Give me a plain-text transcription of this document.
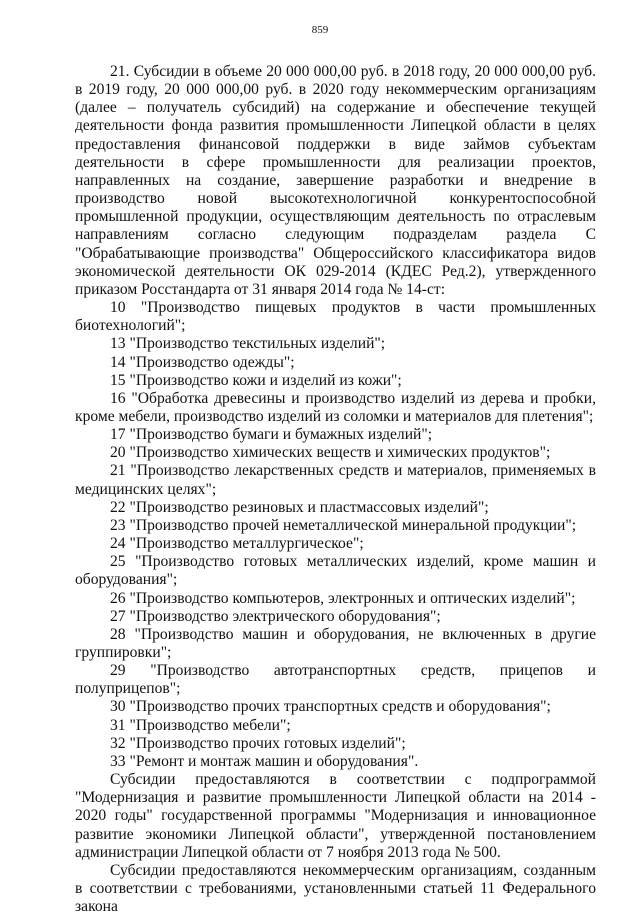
859

21. Субсидии в объеме 20 000 000,00 руб. в 2018 году, 20 000 000,00 руб. в 2019 году, 20 000 000,00 руб. в 2020 году некоммерческим организациям (далее – получатель субсидий) на содержание и обеспечение текущей деятельности фонда развития промышленности Липецкой области в целях предоставления финансовой поддержки в виде займов субъектам деятельности в сфере промышленности для реализации проектов, направленных на создание, завершение разработки и внедрение в производство новой высокотехнологичной конкурентоспособной промышленной продукции, осуществляющим деятельность по отраслевым направлениям согласно следующим подразделам раздела С "Обрабатывающие производства" Общероссийского классификатора видов экономической деятельности ОК 029-2014 (КДЕС Ред.2), утвержденного приказом Росстандарта от 31 января 2014 года № 14-ст:

10 "Производство пищевых продуктов в части промышленных биотехнологий";

13 "Производство текстильных изделий";

14 "Производство одежды";

15 "Производство кожи и изделий из кожи";

16 "Обработка древесины и производство изделий из дерева и пробки, кроме мебели, производство изделий из соломки и материалов для плетения";

17 "Производство бумаги и бумажных изделий";

20 "Производство химических веществ и химических продуктов";

21 "Производство лекарственных средств и материалов, применяемых в медицинских целях";

22 "Производство резиновых и пластмассовых изделий";

23 "Производство прочей неметаллической минеральной продукции";

24 "Производство металлургическое";

25 "Производство готовых металлических изделий, кроме машин и оборудования";

26 "Производство компьютеров, электронных и оптических изделий";

27 "Производство электрического оборудования";

28 "Производство машин и оборудования, не включенных в другие группировки";

29 "Производство автотранспортных средств, прицепов и полуприцепов";

30 "Производство прочих транспортных средств и оборудования";

31 "Производство мебели";

32 "Производство прочих готовых изделий";

33 "Ремонт и монтаж машин и оборудования".

Субсидии предоставляются в соответствии с подпрограммой "Модернизация и развитие промышленности Липецкой области на 2014 - 2020 годы" государственной программы "Модернизация и инновационное развитие экономики Липецкой области", утвержденной постановлением администрации Липецкой области от 7 ноября 2013 года № 500.

Субсидии предоставляются некоммерческим организациям, созданным в соответствии с требованиями, установленными статьей 11 Федерального закона
